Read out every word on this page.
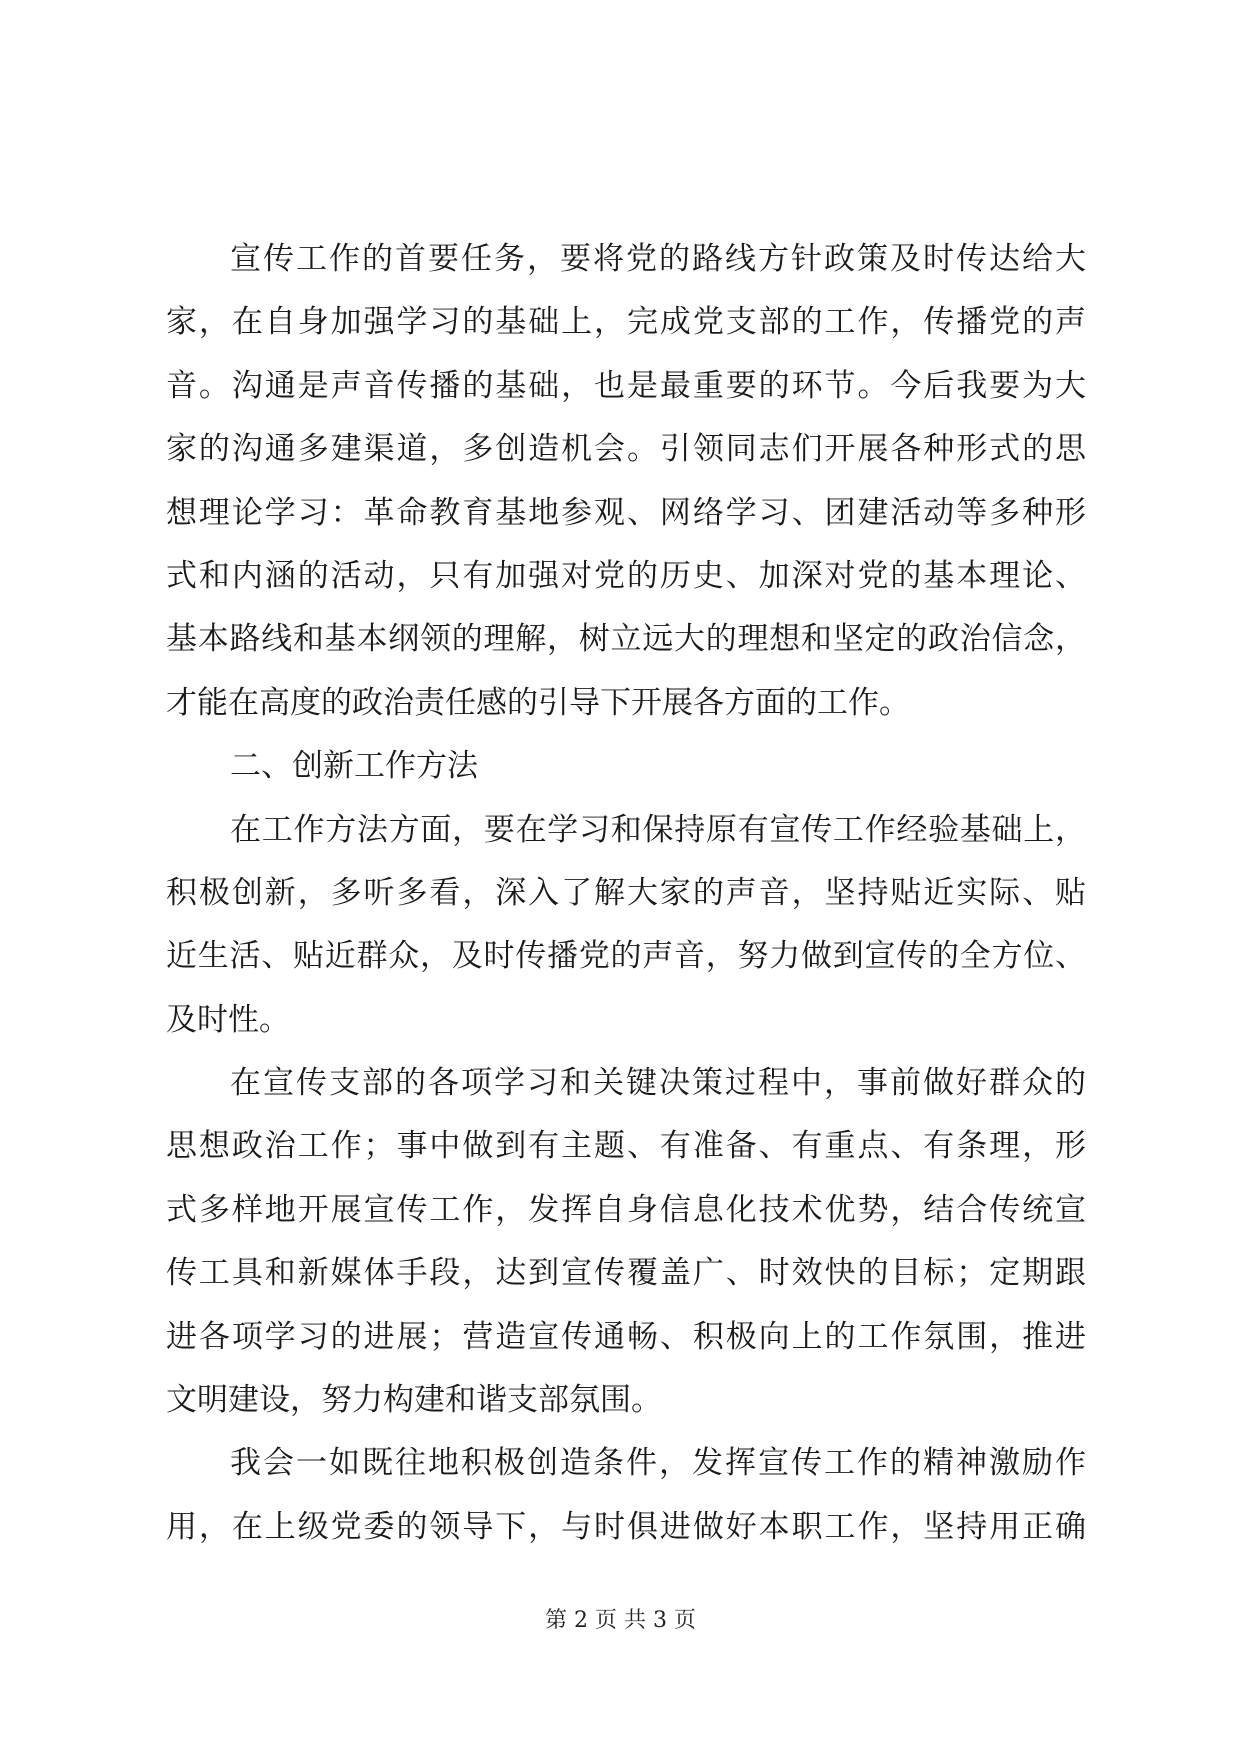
宣传工作的首要任务，要将党的路线方针政策及时传达给大
家，在自身加强学习的基础上，完成党支部的工作，传播党的声
音。沟通是声音传播的基础，也是最重要的环节。今后我要为大
家的沟通多建渠道，多创造机会。引领同志们开展各种形式的思
想理论学习：革命教育基地参观、网络学习、团建活动等多种形
式和内涵的活动，只有加强对党的历史、加深对党的基本理论、
基本路线和基本纲领的理解，树立远大的理想和坚定的政治信念，
才能在高度的政治责任感的引导下开展各方面的工作。
二、创新工作方法
在工作方法方面，要在学习和保持原有宣传工作经验基础上，
积极创新，多听多看，深入了解大家的声音，坚持贴近实际、贴
近生活、贴近群众，及时传播党的声音，努力做到宣传的全方位、
及时性。
在宣传支部的各项学习和关键决策过程中，事前做好群众的
思想政治工作；事中做到有主题、有准备、有重点、有条理，形
式多样地开展宣传工作，发挥自身信息化技术优势，结合传统宣
传工具和新媒体手段，达到宣传覆盖广、时效快的目标；定期跟
进各项学习的进展；营造宣传通畅、积极向上的工作氛围，推进
文明建设，努力构建和谐支部氛围。
我会一如既往地积极创造条件，发挥宣传工作的精神激励作
用，在上级党委的领导下，与时俱进做好本职工作，坚持用正确
第 2 页 共 3 页
